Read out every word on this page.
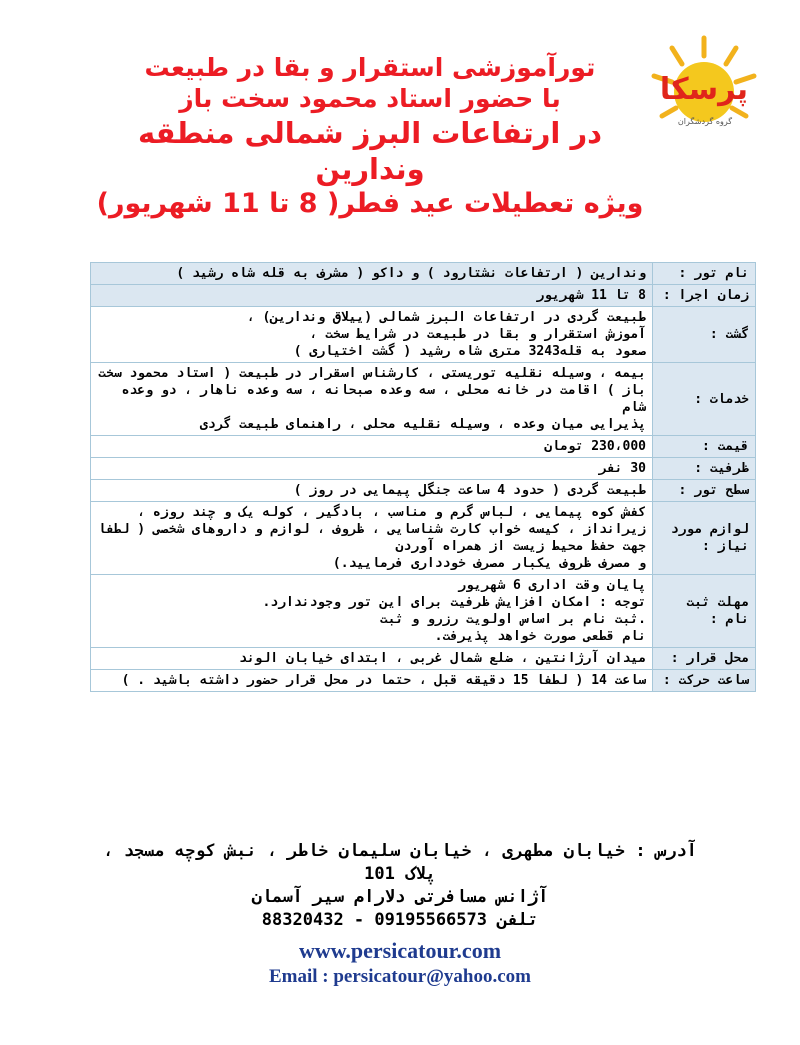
تورآموزشی استقرار و بقا در طبیعت
با حضور استاد محمود سخت باز
در ارتفاعات البرز شمالی منطقه وندارین
ویژه تعطیلات عید فطر( 8 تا 11 شهریور)
پرسکا
گروه گردشگران
نام تور :	وندارین ( ارتفاعات نشتارود ) و داکو ( مشرف به قله شاه رشید )

زمان اجرا :	8 تا 11 شهریور

گشت :	طبیعت گردی در ارتفاعات البرز شمالی (ییلاق وندارین) ،
آموزش استقرار و بقا در طبیعت در شرایط سخت ،
صعود به قله3243 متری شاه رشید ( گشت اختیاری )

خدمات :	بیمه ، وسیله نقلیه توریستی ، کارشناس اسقرار در طبیعت ( استاد محمود سخت باز ) اقامت در خانه محلی ، سه وعده صبحانه ، سه وعده ناهار ، دو وعده شام
پذیرایی میان وعده ، وسیله نقلیه محلی ، راهنمای طبیعت گردی

قیمت :	230،000 تومان

ظرفیت :	30 نفر

سطح تور :	طبیعت گردی ( حدود 4 ساعت جنگل پیمایی در روز )

لوازم مورد نیاز :	کفش کوه پیمایی ، لباس گرم و مناسب ، بادگیر ، کوله یک و چند روزه ، زیرانداز ، کیسه خواب کارت شناسایی ، ظروف ، لوازم و داروهای شخصی ( لطفا جهت حفظ محیط زیست از همراه آوردن
و مصرف ظروف یکبار مصرف خودداری فرمایید.)

مهلت ثبت نام :	پایان وقت اداری 6 شهریور
توجه : امکان افزایش ظرفیت برای این تور وجودندارد.
.ثبت نام بر اساس اولویت رزرو و ثبت
نام قطعی صورت خواهد پذیرفت.

محل قرار :	میدان آرژانتین ، ضلع شمال غربی ، ابتدای خیابان الوند

ساعت حرکت :	ساعت 14 ( لطفا 15 دقیقه قبل ، حتما در محل قرار حضور داشته باشید . )
آدرس : خیابان مطهری ، خیابان سلیمان خاطر ، نبش کوچه مسجد ، پلاک 101
آژانس مسافرتی دلارام سیر آسمان
تلفن 09195566573 - 88320432
www.persicatour.com
Email : persicatour@yahoo.com
